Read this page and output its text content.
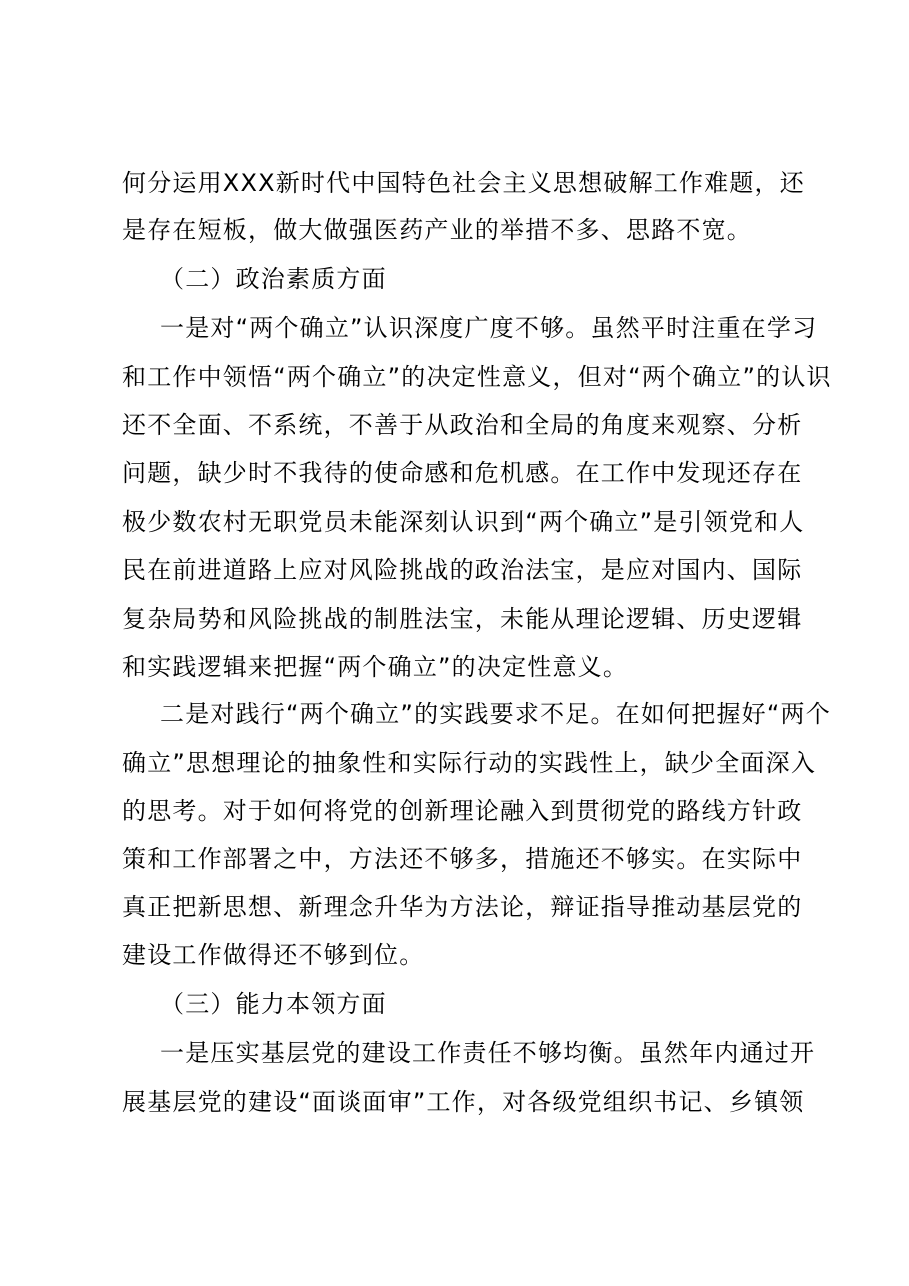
何分运用XXX新时代中国特色社会主义思想破解工作难题，还
是存在短板，做大做强医药产业的举措不多、思路不宽。
（二）政治素质方面
一是对“两个确立”认识深度广度不够。虽然平时注重在学习
和工作中领悟“两个确立”的决定性意义，但对“两个确立”的认识
还不全面、不系统，不善于从政治和全局的角度来观察、分析
问题，缺少时不我待的使命感和危机感。在工作中发现还存在
极少数农村无职党员未能深刻认识到“两个确立”是引领党和人
民在前进道路上应对风险挑战的政治法宝，是应对国内、国际
复杂局势和风险挑战的制胜法宝，未能从理论逻辑、历史逻辑
和实践逻辑来把握“两个确立”的决定性意义。
二是对践行“两个确立”的实践要求不足。在如何把握好“两个
确立”思想理论的抽象性和实际行动的实践性上，缺少全面深入
的思考。对于如何将党的创新理论融入到贯彻党的路线方针政
策和工作部署之中，方法还不够多，措施还不够实。在实际中
真正把新思想、新理念升华为方法论，辩证指导推动基层党的
建设工作做得还不够到位。
（三）能力本领方面
一是压实基层党的建设工作责任不够均衡。虽然年内通过开
展基层党的建设“面谈面审”工作，对各级党组织书记、乡镇领
